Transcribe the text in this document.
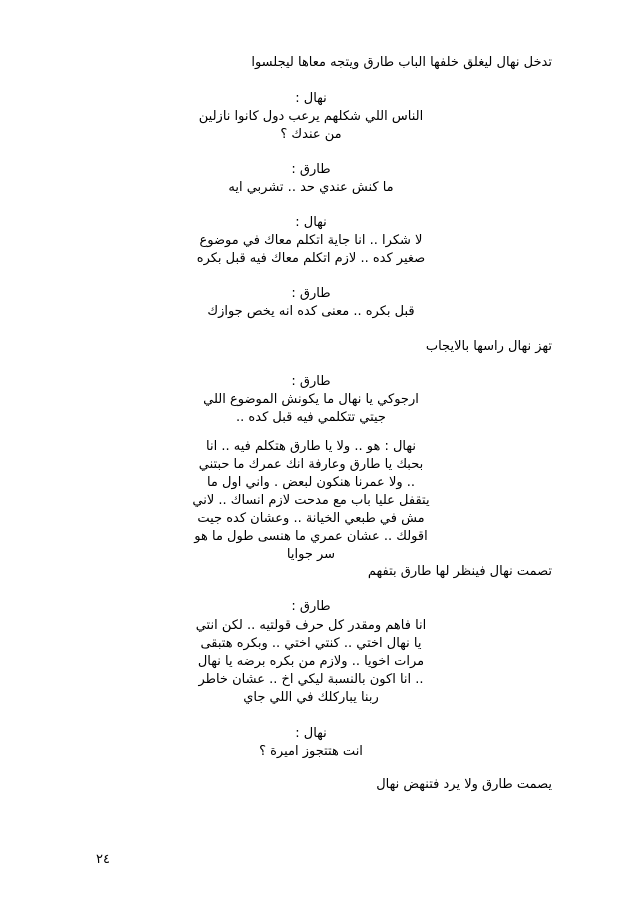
تدخل نهال ليغلق خلفها الباب طارق ويتجه معاها ليجلسوا
نهال :
الناس اللي شكلهم يرعب دول كانوا نازلين
من عندك ؟
طارق :
ما كنش عندي حد .. تشربي ايه
نهال :
لا شكرا .. انا جاية اتكلم معاك في موضوع
صغير كده .. لازم اتكلم معاك فيه قبل بكره
طارق :
قبل بكره .. معنى كده انه يخص جوازك
تهز نهال راسها بالايجاب
طارق :
ارجوكي يا نهال ما يكونش الموضوع اللي
جيتي تتكلمي فيه قبل كده ..
نهال : هو .. ولا يا طارق هتكلم فيه .. انا
بحبك يا طارق وعارفة انك عمرك ما حبتني
.. ولا عمرنا هنكون لبعض . واني اول ما
يتقفل عليا باب مع مدحت لازم انساك .. لاني
مش في طبعي الخيانة .. وعشان كده جيت
اقولك .. عشان عمري ما هنسى طول ما هو
سر جوايا
تصمت نهال فينظر لها طارق بتفهم
طارق :
انا فاهم ومقدر كل حرف قولتيه .. لكن انتي
يا نهال اختي .. كنتي اختي .. وبكره هتبقى
مرات اخويا .. ولازم من بكره برضه يا نهال
.. انا اكون بالنسبة ليكي اخ .. عشان خاطر
ربنا يباركلك في اللي جاي
نهال :
انت هتتجوز اميرة ؟
يصمت طارق ولا يرد فتنهض نهال
٢٤
